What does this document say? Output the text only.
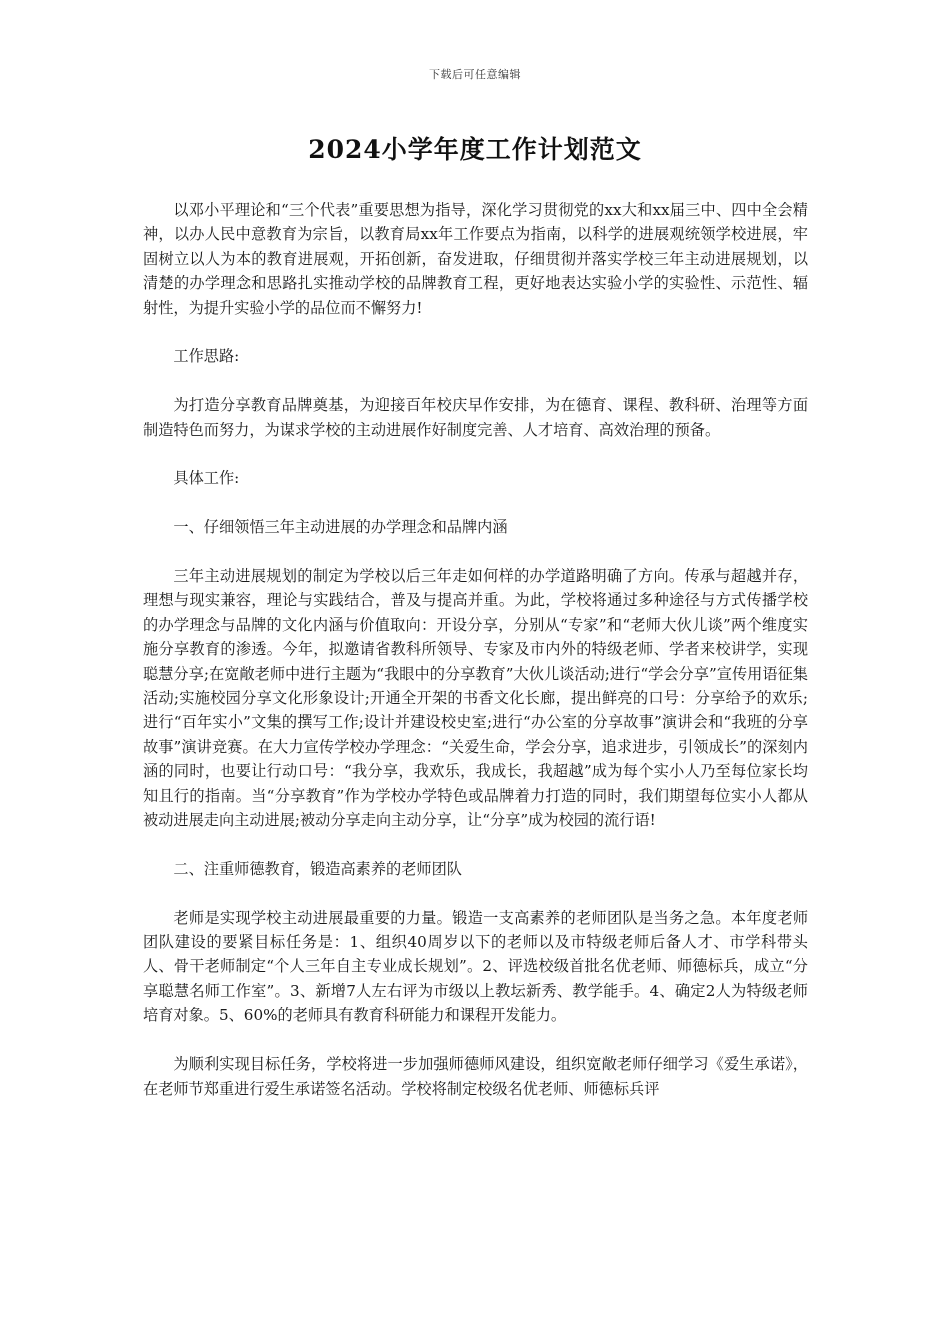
下载后可任意编辑
2024小学年度工作计划范文

以邓小平理论和“三个代表”重要思想为指导，深化学习贯彻党的xx大和xx届三中、四中全会精神，以办人民中意教育为宗旨，以教育局xx年工作要点为指南，以科学的进展观统领学校进展，牢固树立以人为本的教育进展观，开拓创新，奋发进取，仔细贯彻并落实学校三年主动进展规划，以清楚的办学理念和思路扎实推动学校的品牌教育工程，更好地表达实验小学的实验性、示范性、辐射性，为提升实验小学的品位而不懈努力!

工作思路:

为打造分享教育品牌奠基，为迎接百年校庆早作安排，为在德育、课程、教科研、治理等方面制造特色而努力，为谋求学校的主动进展作好制度完善、人才培育、高效治理的预备。

具体工作:

一、仔细领悟三年主动进展的办学理念和品牌内涵

三年主动进展规划的制定为学校以后三年走如何样的办学道路明确了方向。传承与超越并存，理想与现实兼容，理论与实践结合，普及与提高并重。为此，学校将通过多种途径与方式传播学校的办学理念与品牌的文化内涵与价值取向：开设分享，分别从“专家”和“老师大伙儿谈”两个维度实施分享教育的渗透。今年，拟邀请省教科所领导、专家及市内外的特级老师、学者来校讲学，实现聪慧分享;在宽敞老师中进行主题为“我眼中的分享教育”大伙儿谈活动;进行“学会分享”宣传用语征集活动;实施校园分享文化形象设计;开通全开架的书香文化长廊，提出鲜亮的口号：分享给予的欢乐;进行“百年实小”文集的撰写工作;设计并建设校史室;进行“办公室的分享故事”演讲会和“我班的分享故事”演讲竞赛。在大力宣传学校办学理念：“关爱生命，学会分享，追求进步，引领成长”的深刻内涵的同时，也要让行动口号：“我分享，我欢乐，我成长，我超越”成为每个实小人乃至每位家长均知且行的指南。当“分享教育”作为学校办学特色或品牌着力打造的同时，我们期望每位实小人都从被动进展走向主动进展;被动分享走向主动分享，让“分享”成为校园的流行语!

二、注重师德教育，锻造高素养的老师团队

老师是实现学校主动进展最重要的力量。锻造一支高素养的老师团队是当务之急。本年度老师团队建设的要紧目标任务是：1、组织40周岁以下的老师以及市特级老师后备人才、市学科带头人、骨干老师制定“个人三年自主专业成长规划”。2、评选校级首批名优老师、师德标兵，成立“分享聪慧名师工作室”。3、新增7人左右评为市级以上教坛新秀、教学能手。4、确定2人为特级老师培育对象。5、60%的老师具有教育科研能力和课程开发能力。

为顺利实现目标任务，学校将进一步加强师德师风建设，组织宽敞老师仔细学习《爱生承诺》，在老师节郑重进行爱生承诺签名活动。学校将制定校级名优老师、师德标兵评
